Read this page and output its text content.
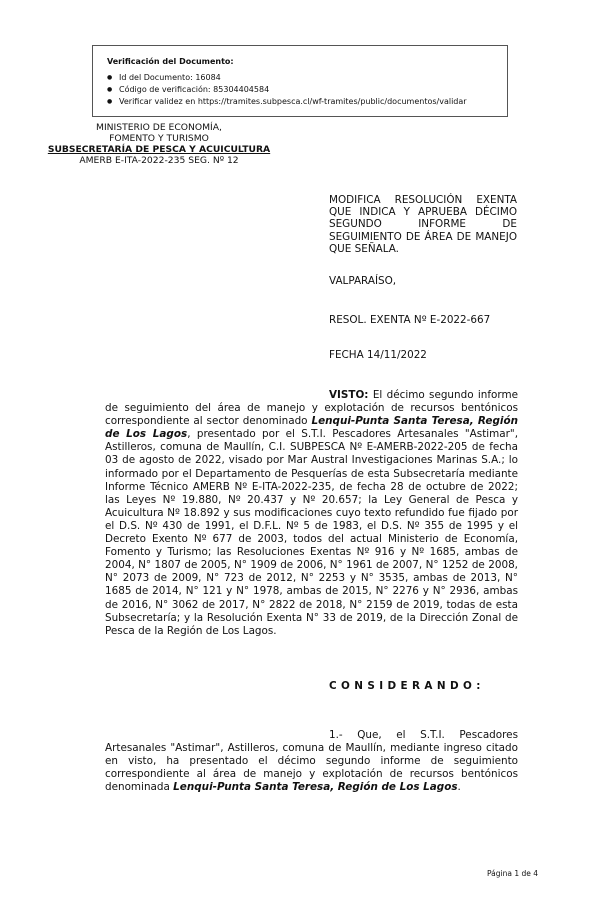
Verificación del Documento:
● Id del Documento: 16084
● Código de verificación: 85304404584
● Verificar validez en https://tramites.subpesca.cl/wf-tramites/public/documentos/validar
MINISTERIO DE ECONOMÍA,
FOMENTO Y TURISMO
SUBSECRETARÍA DE PESCA Y ACUICULTURA
AMERB E-ITA-2022-235 SEG. Nº 12
MODIFICA RESOLUCIÓN EXENTA QUE INDICA Y APRUEBA DÉCIMO SEGUNDO INFORME DE SEGUIMIENTO DE ÁREA DE MANEJO QUE SEÑALA.
VALPARAÍSO,
RESOL. EXENTA Nº E-2022-667
FECHA 14/11/2022
VISTO: El décimo segundo informe de seguimiento del área de manejo y explotación de recursos bentónicos correspondiente al sector denominado Lenqui-Punta Santa Teresa, Región de Los Lagos, presentado por el S.T.I. Pescadores Artesanales "Astimar", Astilleros, comuna de Maullín, C.I. SUBPESCA Nº E-AMERB-2022-205 de fecha 03 de agosto de 2022, visado por Mar Austral Investigaciones Marinas S.A.; lo informado por el Departamento de Pesquerías de esta Subsecretaría mediante Informe Técnico AMERB Nº E-ITA-2022-235, de fecha 28 de octubre de 2022; las Leyes Nº 19.880, Nº 20.437 y Nº 20.657; la Ley General de Pesca y Acuicultura Nº 18.892 y sus modificaciones cuyo texto refundido fue fijado por el D.S. Nº 430 de 1991, el D.F.L. Nº 5 de 1983, el D.S. Nº 355 de 1995 y el Decreto Exento Nº 677 de 2003, todos del actual Ministerio de Economía, Fomento y Turismo; las Resoluciones Exentas Nº 916 y Nº 1685, ambas de 2004, N° 1807 de 2005, N° 1909 de 2006, N° 1961 de 2007, N° 1252 de 2008, N° 2073 de 2009, N° 723 de 2012, N° 2253 y N° 3535, ambas de 2013, N° 1685 de 2014, N° 121 y N° 1978, ambas de 2015, N° 2276 y N° 2936, ambas de 2016, N° 3062 de 2017, N° 2822 de 2018, N° 2159 de 2019, todas de esta Subsecretaría; y la Resolución Exenta N° 33 de 2019, de la Dirección Zonal de Pesca de la Región de Los Lagos.
CONSIDERANDO:
1.- Que, el S.T.I. Pescadores Artesanales "Astimar", Astilleros, comuna de Maullín, mediante ingreso citado en visto, ha presentado el décimo segundo informe de seguimiento correspondiente al área de manejo y explotación de recursos bentónicos denominada Lenqui-Punta Santa Teresa, Región de Los Lagos.
Página 1 de 4
